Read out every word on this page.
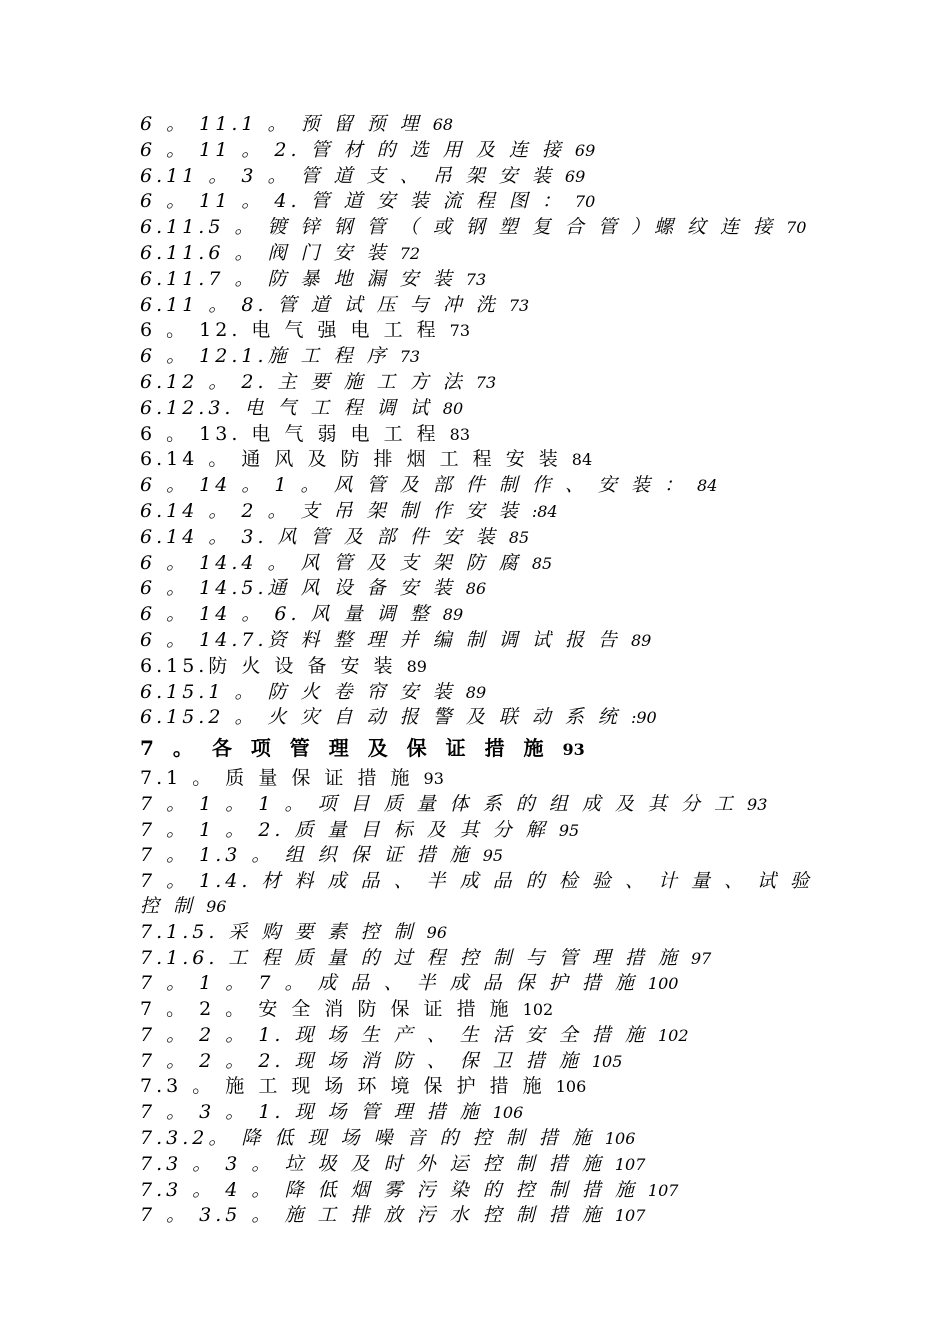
6 。 11.1 。 预 留 预 埋 68
6 。 11 。 2. 管 材 的 选 用 及 连 接 69
6.11 。 3 。 管 道 支 、 吊 架 安 装 69
6 。 11 。 4. 管 道 安 装 流 程 图 ： 70
6.11.5 。 镀 锌 钢 管 （ 或 钢 塑 复 合 管 ）螺 纹 连 接 70
6.11.6 。 阀 门 安 装 72
6.11.7 。 防 暴 地 漏 安 装 73
6.11 。 8. 管 道 试 压 与 冲 洗 73
6 。 12. 电 气 强 电 工 程 73
6 。 12.1.施 工 程 序 73
6.12 。 2. 主 要 施 工 方 法 73
6.12.3. 电 气 工 程 调 试 80
6 。 13. 电 气 弱 电 工 程 83
6.14 。 通 风 及 防 排 烟 工 程 安 装 84
6 。 14 。 1 。 风 管 及 部 件 制 作 、 安 装 ： 84
6.14 。 2 。 支 吊 架 制 作 安 装 :84
6.14 。 3. 风 管 及 部 件 安 装 85
6 。 14.4 。 风 管 及 支 架 防 腐 85
6 。 14.5.通 风 设 备 安 装 86
6 。 14 。 6. 风 量 调 整 89
6 。 14.7.资 料 整 理 并 编 制 调 试 报 告 89
6.15.防 火 设 备 安 装 89
6.15.1 。 防 火 卷 帘 安 装 89
6.15.2 。 火 灾 自 动 报 警 及 联 动 系 统 :90
7 。 各 项 管 理 及 保 证 措 施 93
7.1 。 质 量 保 证 措 施 93
7 。 1 。 1 。 项 目 质 量 体 系 的 组 成 及 其 分 工 93
7 。 1 。 2. 质 量 目 标 及 其 分 解 95
7 。 1.3 。 组 织 保 证 措 施 95
7 。 1.4. 材 料 成 品 、 半 成 品 的 检 验 、 计 量 、 试 验 控 制 96
7.1.5. 采 购 要 素 控 制 96
7.1.6. 工 程 质 量 的 过 程 控 制 与 管 理 措 施 97
7 。 1 。 7 。 成 品 、 半 成 品 保 护 措 施 100
7 。 2 。 安 全 消 防 保 证 措 施 102
7 。 2 。 1. 现 场 生 产 、 生 活 安 全 措 施 102
7 。 2 。 2. 现 场 消 防 、 保 卫 措 施 105
7.3 。 施 工 现 场 环 境 保 护 措 施 106
7 。 3 。 1. 现 场 管 理 措 施 106
7.3.2。 降 低 现 场 噪 音 的 控 制 措 施 106
7.3 。 3 。 垃 圾 及 时 外 运 控 制 措 施 107
7.3 。 4 。 降 低 烟 雾 污 染 的 控 制 措 施 107
7 。 3.5 。 施 工 排 放 污 水 控 制 措 施 107
